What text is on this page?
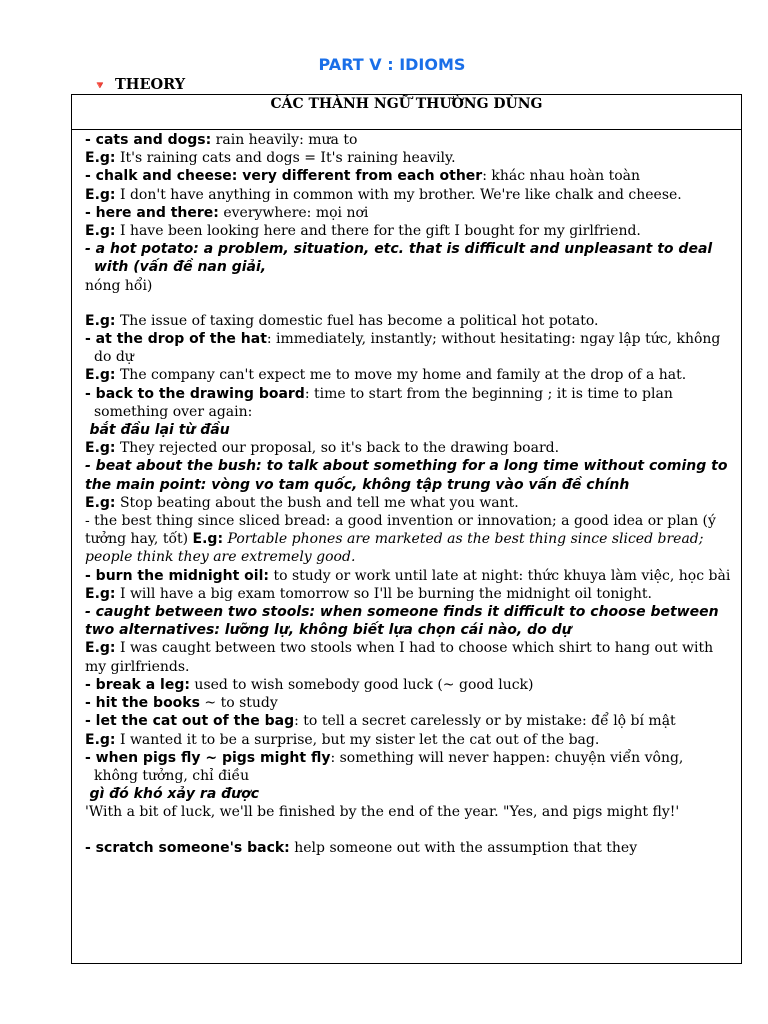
PART V : IDIOMS
🔻 THEORY
CÁC THÀNH NGỮ THƯỜNG DÙNG

- cats and dogs: rain heavily: mưa to

E.g: It's raining cats and dogs = It's raining heavily.

- chalk and cheese: very different from each other: khác nhau hoàn toàn

E.g: I don't have anything in common with my brother. We're like chalk and cheese.

- here and there: everywhere: mọi nơi

E.g: I have been looking here and there for the gift I bought for my girlfriend.

- a hot potato: a problem, situation, etc. that is difficult and unpleasant to deal with (vấn đề nan giải,

nóng hổi)

E.g: The issue of taxing domestic fuel has become a political hot potato.

- at the drop of the hat: immediately, instantly; without hesitating: ngay lập tức, không do dự

E.g: The company can't expect me to move my home and family at the drop of a hat.

- back to the drawing board: time to start from the beginning ; it is time to plan something over again:

bắt đầu lại từ đầu

E.g: They rejected our proposal, so it's back to the drawing board.

- beat about the bush: to talk about something for a long time without coming to the main point: vòng vo tam quốc, không tập trung vào vấn đề chính

E.g: Stop beating about the bush and tell me what you want.

- the best thing since sliced bread: a good invention or innovation; a good idea or plan (ý tưởng hay, tốt) E.g: Portable phones are marketed as the best thing since sliced bread; people think they are extremely good.

- burn the midnight oil: to study or work until late at night: thức khuya làm việc, học bài

E.g: I will have a big exam tomorrow so I'll be burning the midnight oil tonight.

- caught between two stools: when someone finds it difficult to choose between two alternatives: lưỡng lự, không biết lựa chọn cái nào, do dự

E.g: I was caught between two stools when I had to choose which shirt to hang out with my girlfriends.

- break a leg: used to wish somebody good luck (~ good luck)

- hit the books ~ to study

- let the cat out of the bag: to tell a secret carelessly or by mistake: để lộ bí mật

E.g: I wanted it to be a surprise, but my sister let the cat out of the bag.

- when pigs fly ~ pigs might fly: something will never happen: chuyện viển vông, không tưởng, chỉ điều

gì đó khó xảy ra được

'With a bit of luck, we'll be finished by the end of the year. "Yes, and pigs might fly!'

- scratch someone's back: help someone out with the assumption that they
